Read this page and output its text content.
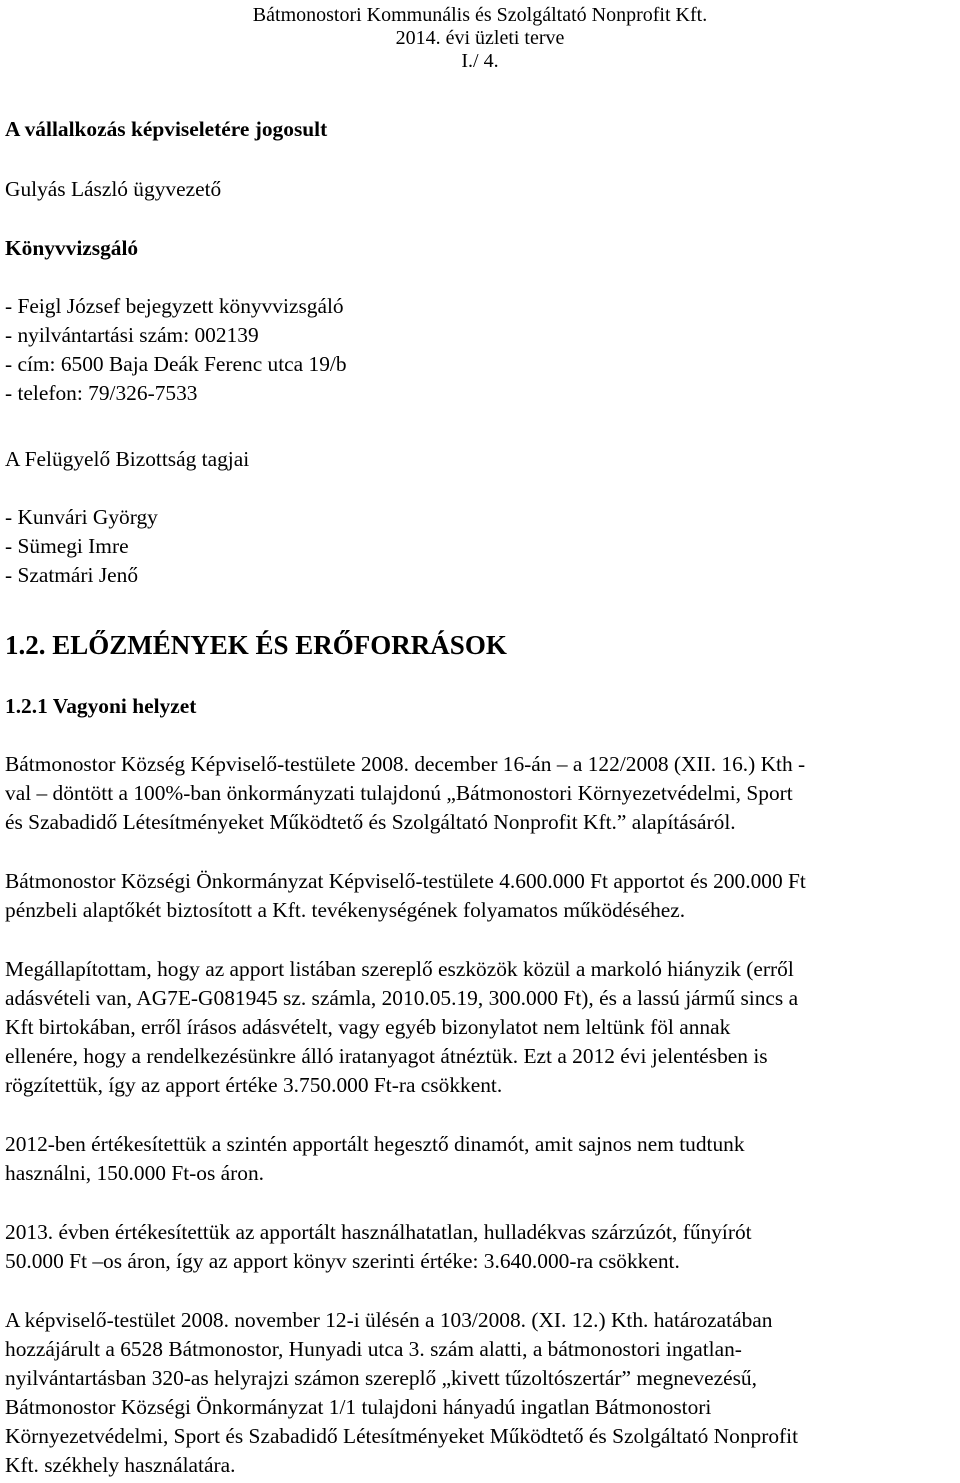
Bátmonostori Kommunális és Szolgáltató Nonprofit Kft.
2014. évi üzleti terve
I./ 4.
A vállalkozás képviseletére jogosult
Gulyás László ügyvezető
Könyvvizsgáló
- Feigl József bejegyzett könyvvizsgáló
- nyilvántartási szám: 002139
- cím: 6500 Baja Deák Ferenc utca 19/b
- telefon: 79/326-7533
A Felügyelő Bizottság tagjai
- Kunvári György
- Sümegi Imre
- Szatmári Jenő
1.2. ELŐZMÉNYEK ÉS ERŐFORRÁSOK
1.2.1 Vagyoni helyzet
Bátmonostor Község Képviselő-testülete 2008. december 16-án – a 122/2008 (XII. 16.) Kth -
val – döntött a 100%-ban önkormányzati tulajdonú „Bátmonostori Környezetvédelmi, Sport
és Szabadidő Létesítményeket Működtető és Szolgáltató Nonprofit Kft.” alapításáról.
Bátmonostor Községi Önkormányzat Képviselő-testülete 4.600.000 Ft apportot és 200.000 Ft
pénzbeli alaptőkét biztosított a Kft. tevékenységének folyamatos működéséhez.
Megállapítottam, hogy az apport listában szereplő eszközök közül a markoló hiányzik (erről
adásvételi van, AG7E-G081945 sz. számla, 2010.05.19, 300.000 Ft), és a lassú jármű sincs a
Kft birtokában, erről írásos adásvételt, vagy egyéb bizonylatot nem leltünk föl annak
ellenére, hogy a rendelkezésünkre álló iratanyagot átnéztük. Ezt a 2012 évi jelentésben is
rögzítettük, így az apport értéke 3.750.000 Ft-ra csökkent.
2012-ben értékesítettük a szintén apportált hegesztő dinamót, amit sajnos nem tudtunk
használni, 150.000 Ft-os áron.
2013. évben értékesítettük az apportált használhatatlan, hulladékvas szárzúzót, fűnyírót
50.000 Ft –os áron, így az apport könyv szerinti értéke: 3.640.000-ra csökkent.
A képviselő-testület 2008. november 12-i ülésén a 103/2008. (XI. 12.) Kth. határozatában
hozzájárult a 6528 Bátmonostor, Hunyadi utca 3. szám alatti, a bátmonostori ingatlan-
nyilvántartásban 320-as helyrajzi számon szereplő „kivett tűzoltószertár” megnevezésű,
Bátmonostor Községi Önkormányzat 1/1 tulajdoni hányadú ingatlan Bátmonostori
Környezetvédelmi, Sport és Szabadidő Létesítményeket Működtető és Szolgáltató Nonprofit
Kft. székhely használatára.
